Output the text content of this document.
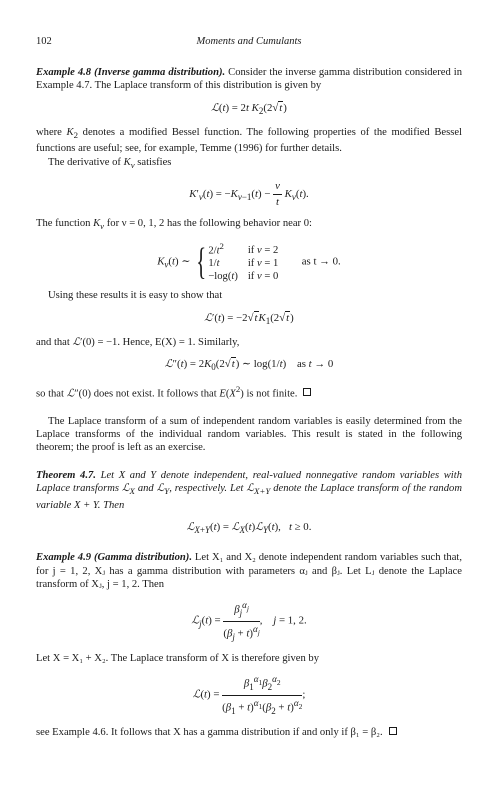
102	Moments and Cumulants

Example 4.8 (Inverse gamma distribution). Consider the inverse gamma distribution considered in Example 4.7. The Laplace transform of this distribution is given by

ℒ(t) = 2t $K_2(2√t)$

where $K_2$ denotes a modified Bessel function. The following properties of the modified Bessel functions are useful; see, for example, Temme (1996) for further details.

The derivative of $K_\nu$ satisfies

$K'_\nu(t) = -K_{\nu-1}(t) - \frac{\nu}{t} K_\nu(t)$.

The function $K_\nu$ for ν = 0, 1, 2 has the following behavior near 0:

$K_\nu(t)$ ∼ { $2/t^2$	if ν = 2
1/t	if ν = 1
−log(t)	if ν = 0
as t → 0.

Using these results it is easy to show that

ℒ′(t) = $-2√tK_1(2√t)$

and that ℒ′(0) = −1. Hence, E(X) = 1. Similarly,

ℒ″(t) = $2K_0(2√t)$ ∼ log(1/t)    as t → 0

so that ℒ″(0) does not exist. It follows that $E(X^2)$ is not finite.

The Laplace transform of a sum of independent random variables is easily determined from the Laplace transforms of the individual random variables. This result is stated in the following theorem; the proof is left as an exercise.

Theorem 4.7. Let X and Y denote independent, real-valued nonnegative random variables with Laplace transforms ℒ$_X$ and ℒ$_Y$, respectively. Let ℒ$_{X+Y}$ denote the Laplace transform of the random variable X + Y. Then

ℒ$_{X+Y}$(t) = ℒ$_X$(t)ℒ$_Y$(t),   t ≥ 0.

Example 4.9 (Gamma distribution). Let X₁ and X₂ denote independent random variables such that, for j = 1, 2, Xⱼ has a gamma distribution with parameters αⱼ and βⱼ. Let Lⱼ denote the Laplace transform of Xⱼ, j = 1, 2. Then

ℒ$_j$(t) = $\frac{\beta_j^{\alpha_j}}{(\beta_j + t)^{\alpha_j}}$ ,    j = 1, 2.

Let X = X₁ + X₂. The Laplace transform of X is therefore given by

ℒ(t) = $\frac{\beta_1^{\alpha_1}\beta_2^{\alpha_2}}{(\beta_1 + t)^{\alpha_1}(\beta_2 + t)^{\alpha_2}}$ ;

see Example 4.6. It follows that X has a gamma distribution if and only if β₁ = β₂.
